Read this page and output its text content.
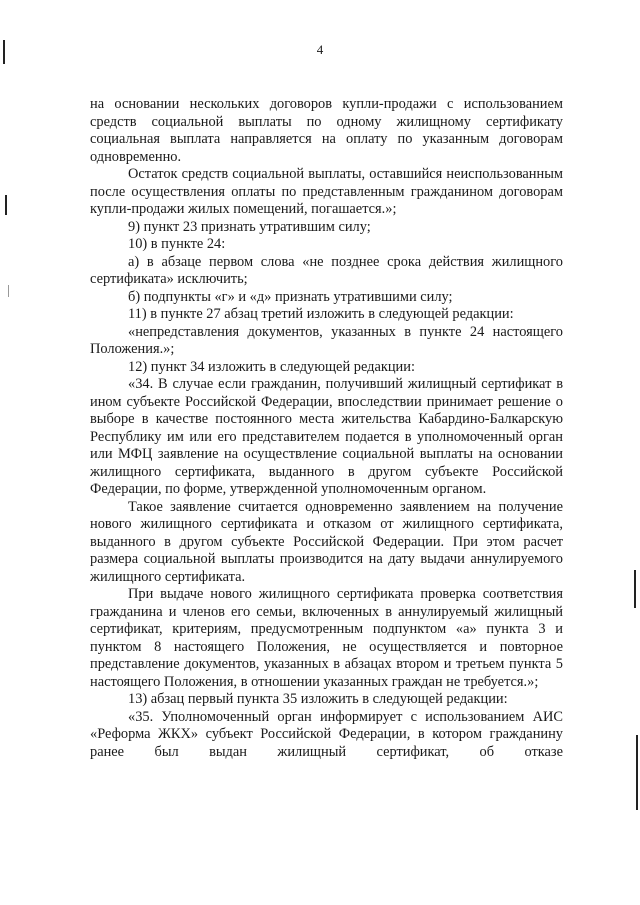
4

на основании нескольких договоров купли-продажи с использованием средств социальной выплаты по одному жилищному сертификату социальная выплата направляется на оплату по указанным договорам одновременно.

Остаток средств социальной выплаты, оставшийся неиспользованным после осуществления оплаты по представленным гражданином договорам купли-продажи жилых помещений, погашается.»;

9) пункт 23 признать утратившим силу;

10) в пункте 24:

а) в абзаце первом слова «не позднее срока действия жилищного сертификата» исключить;

б) подпункты «г» и «д» признать утратившими силу;

11) в пункте 27 абзац третий изложить в следующей редакции:

«непредставления документов, указанных в пункте 24 настоящего Положения.»;

12) пункт 34 изложить в следующей редакции:

«34. В случае если гражданин, получивший жилищный сертификат в ином субъекте Российской Федерации, впоследствии принимает решение о выборе в качестве постоянного места жительства Кабардино-Балкарскую Республику им или его представителем подается в уполномоченный орган или МФЦ заявление на осуществление социальной выплаты на основании жилищного сертификата, выданного в другом субъекте Российской Федерации, по форме, утвержденной уполномоченным органом.

Такое заявление считается одновременно заявлением на получение нового жилищного сертификата и отказом от жилищного сертификата, выданного в другом субъекте Российской Федерации. При этом расчет размера социальной выплаты производится на дату выдачи аннулируемого жилищного сертификата.

При выдаче нового жилищного сертификата проверка соответствия гражданина и членов его семьи, включенных в аннулируемый жилищный сертификат, критериям, предусмотренным подпунктом «а» пункта 3 и пунктом 8 настоящего Положения, не осуществляется и повторное представление документов, указанных в абзацах втором и третьем пункта 5 настоящего Положения, в отношении указанных граждан не требуется.»;

13) абзац первый пункта 35 изложить в следующей редакции:

«35. Уполномоченный орган информирует с использованием АИС «Реформа ЖКХ» субъект Российской Федерации, в котором гражданину ранее был выдан жилищный сертификат, об отказе
